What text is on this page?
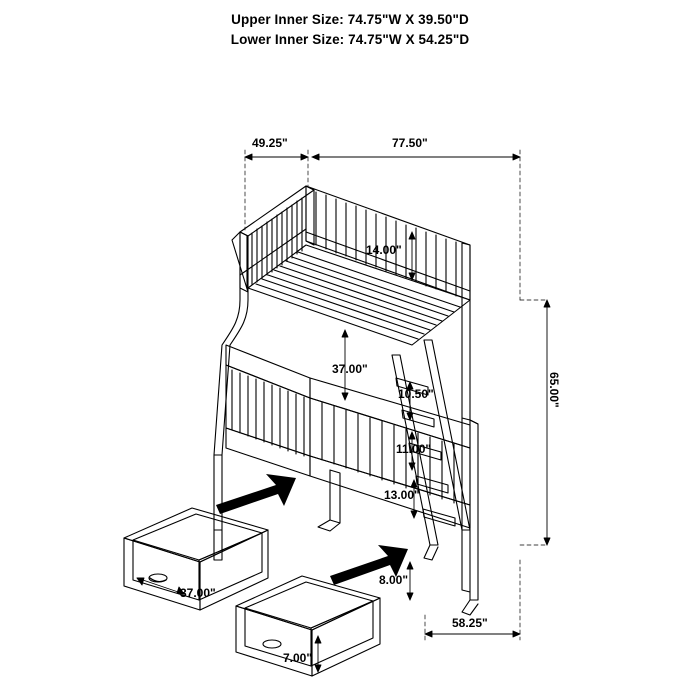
Upper Inner Size: 74.75"W X 39.50"D
Lower Inner Size: 74.75"W X 54.25"D
49.25"	77.50"
14.00"
37.00"
10.50"
11.00"
13.00"
8.00"
65.00"
58.25"
37.00"
7.00"
